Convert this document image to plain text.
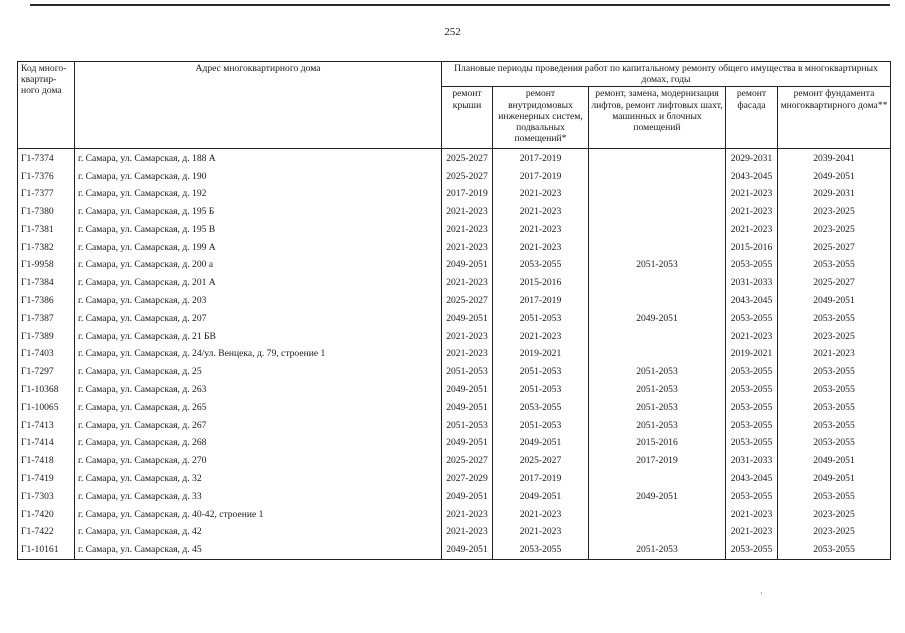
252
Код много-квартир-ного дома	Адрес многоквартирного дома	Плановые периоды проведения работ по капитальному ремонту общего имущества в многоквартирных домах, годы				
		ремонт крыши	ремонт внутридомовых инженерных систем, подвальных помещений*	ремонт, замена, модернизация лифтов, ремонт лифтовых шахт, машинных и блочных помещений	ремонт фасада	ремонт фундамента многоквартирного дома**
Г1-7374	г. Самара, ул. Самарская, д. 188 А	2025-2027	2017-2019		2029-2031	2039-2041
Г1-7376	г. Самара, ул. Самарская, д. 190	2025-2027	2017-2019		2043-2045	2049-2051
Г1-7377	г. Самара, ул. Самарская, д. 192	2017-2019	2021-2023		2021-2023	2029-2031
Г1-7380	г. Самара, ул. Самарская, д. 195 Б	2021-2023	2021-2023		2021-2023	2023-2025
Г1-7381	г. Самара, ул. Самарская, д. 195 В	2021-2023	2021-2023		2021-2023	2023-2025
Г1-7382	г. Самара, ул. Самарская, д. 199 А	2021-2023	2021-2023		2015-2016	2025-2027
Г1-9958	г. Самара, ул. Самарская, д. 200 а	2049-2051	2053-2055	2051-2053	2053-2055	2053-2055
Г1-7384	г. Самара, ул. Самарская, д. 201 А	2021-2023	2015-2016		2031-2033	2025-2027
Г1-7386	г. Самара, ул. Самарская, д. 203	2025-2027	2017-2019		2043-2045	2049-2051
Г1-7387	г. Самара, ул. Самарская, д. 207	2049-2051	2051-2053	2049-2051	2053-2055	2053-2055
Г1-7389	г. Самара, ул. Самарская, д. 21 БВ	2021-2023	2021-2023		2021-2023	2023-2025
Г1-7403	г. Самара, ул. Самарская, д. 24/ул. Венцека, д. 79, строение 1	2021-2023	2019-2021		2019-2021	2021-2023
Г1-7297	г. Самара, ул. Самарская, д. 25	2051-2053	2051-2053	2051-2053	2053-2055	2053-2055
Г1-10368	г. Самара, ул. Самарская, д. 263	2049-2051	2051-2053	2051-2053	2053-2055	2053-2055
Г1-10065	г. Самара, ул. Самарская, д. 265	2049-2051	2053-2055	2051-2053	2053-2055	2053-2055
Г1-7413	г. Самара, ул. Самарская, д. 267	2051-2053	2051-2053	2051-2053	2053-2055	2053-2055
Г1-7414	г. Самара, ул. Самарская, д. 268	2049-2051	2049-2051	2015-2016	2053-2055	2053-2055
Г1-7418	г. Самара, ул. Самарская, д. 270	2025-2027	2025-2027	2017-2019	2031-2033	2049-2051
Г1-7419	г. Самара, ул. Самарская, д. 32	2027-2029	2017-2019		2043-2045	2049-2051
Г1-7303	г. Самара, ул. Самарская, д. 33	2049-2051	2049-2051	2049-2051	2053-2055	2053-2055
Г1-7420	г. Самара, ул. Самарская, д. 40-42, строение 1	2021-2023	2021-2023		2021-2023	2023-2025
Г1-7422	г. Самара, ул. Самарская, д. 42	2021-2023	2021-2023		2021-2023	2023-2025
Г1-10161	г. Самара, ул. Самарская, д. 45	2049-2051	2053-2055	2051-2053	2053-2055	2053-2055
·
